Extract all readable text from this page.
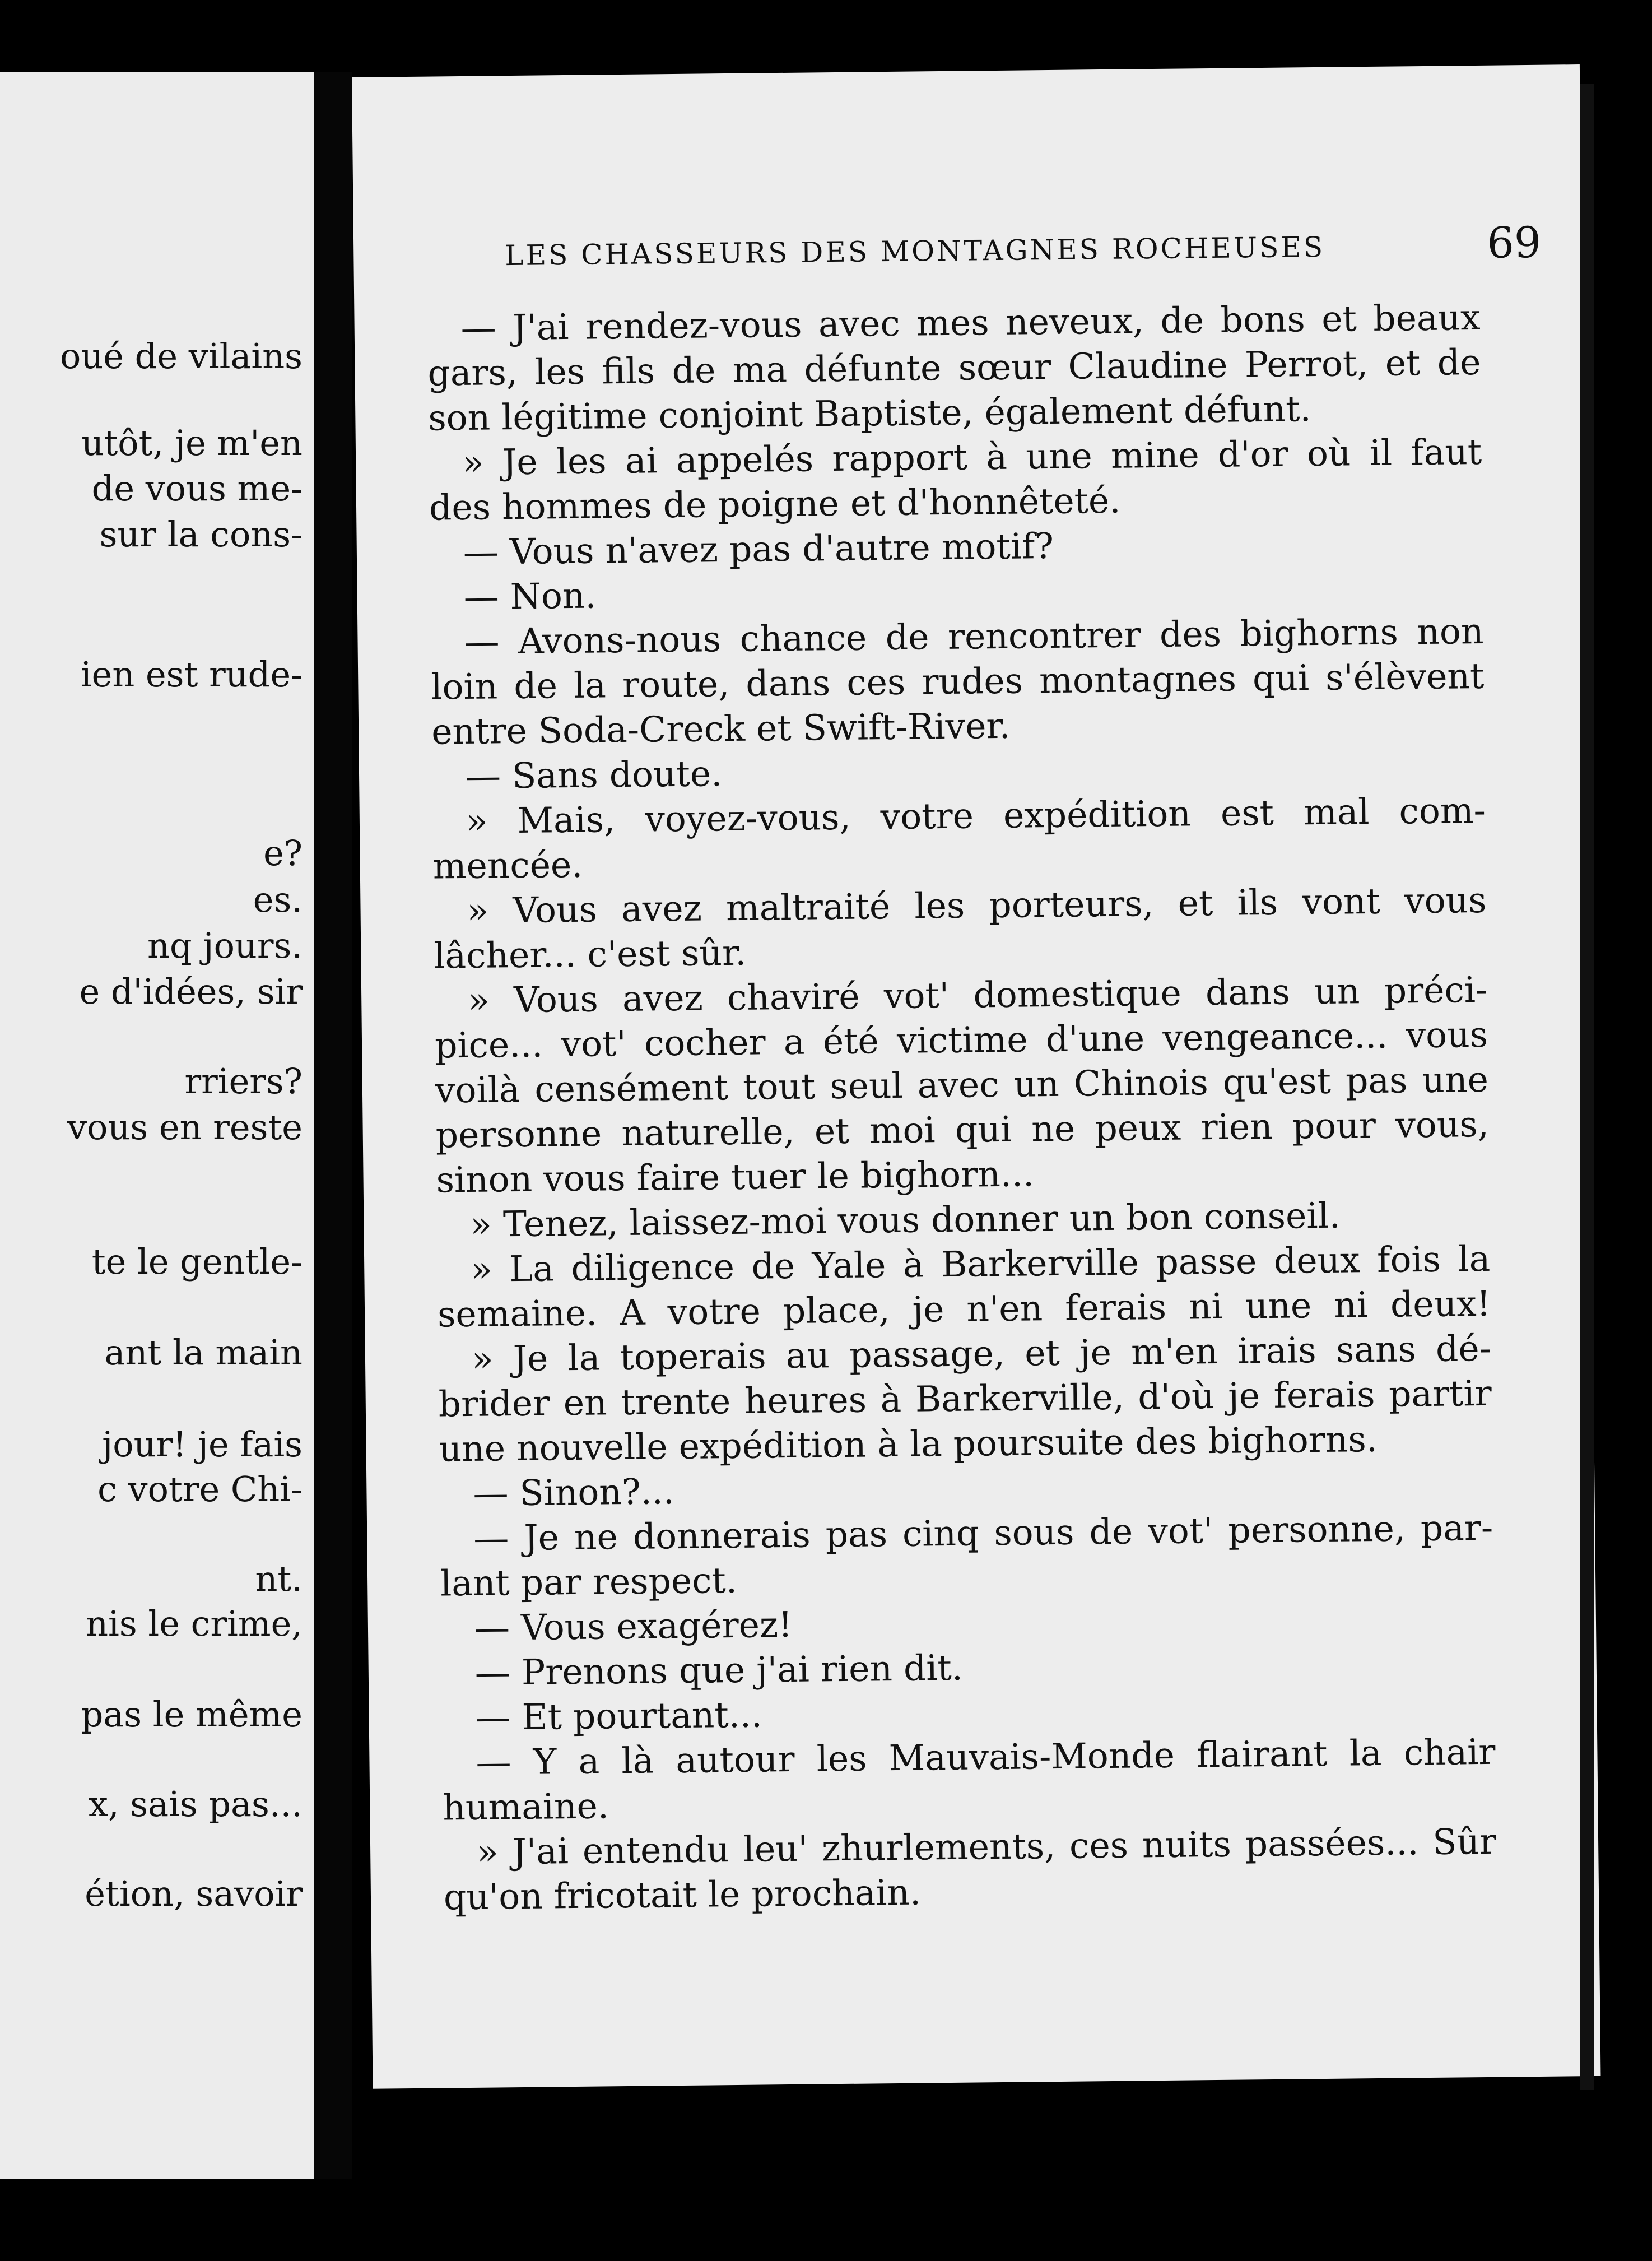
oué de vilains
utôt, je m'en
de vous me-
sur la cons-
ien est rude-
e?
es.
nq jours.
e d'idées, sir
rriers?
vous en reste
te le gentle-
ant la main
jour! je fais
c votre Chi-
nt.
nis le crime,
pas le même
x, sais pas...
étion, savoir
LES CHASSEURS DES MONTAGNES ROCHEUSES	69
— J'ai rendez-vous avec mes neveux, de bons et beaux
gars, les fils de ma défunte sœur Claudine Perrot, et de
son légitime conjoint Baptiste, également défunt.
» Je les ai appelés rapport à une mine d'or où il faut
des hommes de poigne et d'honnêteté.
— Vous n'avez pas d'autre motif?
— Non.
— Avons-nous chance de rencontrer des bighorns non
loin de la route, dans ces rudes montagnes qui s'élèvent
entre Soda-Creck et Swift-River.
— Sans doute.
» Mais, voyez-vous, votre expédition est mal com-
mencée.
» Vous avez maltraité les porteurs, et ils vont vous
lâcher... c'est sûr.
» Vous avez chaviré vot' domestique dans un préci-
pice... vot' cocher a été victime d'une vengeance... vous
voilà censément tout seul avec un Chinois qu'est pas une
personne naturelle, et moi qui ne peux rien pour vous,
sinon vous faire tuer le bighorn...
» Tenez, laissez-moi vous donner un bon conseil.
» La diligence de Yale à Barkerville passe deux fois la
semaine. A votre place, je n'en ferais ni une ni deux!
» Je la toperais au passage, et je m'en irais sans dé-
brider en trente heures à Barkerville, d'où je ferais partir
une nouvelle expédition à la poursuite des bighorns.
— Sinon?...
— Je ne donnerais pas cinq sous de vot' personne, par-
lant par respect.
— Vous exagérez!
— Prenons que j'ai rien dit.
— Et pourtant...
— Y a là autour les Mauvais-Monde flairant la chair
humaine.
» J'ai entendu leu' zhurlements, ces nuits passées... Sûr
qu'on fricotait le prochain.
